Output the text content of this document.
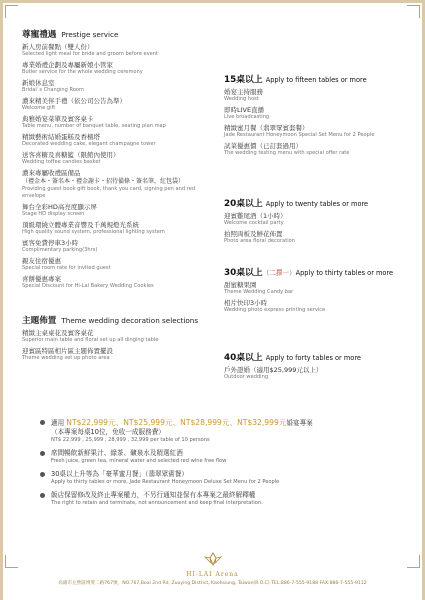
尊寵禮遇 Prestige service
新人房前餐點（雙人份）
Selected light meal for bride and groom before event
專業婚禮企劃及專屬新娘小管家
Butler service for the whole wedding ceremony
新娘休息室
Bridal`s Changing Room
濃來精美伴手禮（依公司公告為準）
Welcome gift
典雅婚宴菜單及賓客桌卡
Table menu, number of banquet table, seating plan map
精緻藝術結婚蛋糕及香檳塔
Decorated wedding cake, elegant champagne tower
送客喜糖及喜糖籃（限館內使用）
Wedding toffee candies basket
濃來專屬收禮區備品
（禮金本・簽名本・禮金謝卡・招待備條・簽名筆，紅包袋）
Providing guest book gift book, thank you card, signing pen and red envelope
舞台全彩HD高亮度顯示屏
Stage HD display screen
頂級環繞立體專業音響及千萬規燈光系統
High quality sound system, professional lighting system
賓客免費停車3小時
Complimentary parking(3hrs)
親友住宿優惠
Special room rate for invited guest
喜餅優惠專案
Special Discount for Hi-Lai Bakery Wedding Cookies
主題佈置 Theme wedding decoration selections
精緻主桌桌花及賓客桌花
Superior main table and floral set up all dinging table
迎賓區特區相片區主題佈置擺設
Theme wedding set up photo area
15桌以上 Apply to fifteen tables or more
婚宴主持服務
Wedding host
即時LIVE直播
Live broadcasting
精緻蜜月餐（翡翠眾賓套餐）
Jade Restaurant Honeymoon Special Set Menu for 2 People
試菜優惠價（已訂套過用）
The wedding testing menu with special offer rate
20桌以上 Apply to twenty tables or more
迎賓雞尾酒（1小時）
Welcome cocktail party
拍照両板及鮮花佈置
Photo area floral decoration
30桌以上（二擇一）Apply to thirty tables or more
甜蜜糖果園
Theme Wedding Candy bar
相片快印3小時
Wedding photo express printing service
40桌以上 Apply to forty tables or more
戶外證婚（適用$25,999元以上）
Outdoor wedding
適用 NT$22,999元、NT$25,999元、NT$28,999元、NT$32,999元婚宴專案
（本專案每桌10位，免收一成服務費）
NT$ 22,999 , 25,999 , 28,999 , 32,999 per table of 10 persons
席間暢飲新鮮果汁、綠茶、礦泉水及精選紅酒
Fresh juice, green tea, mineral water and selected red wine free flow
30桌以上升等為「豪華蜜月餐」（翡翠眾賓餐）
Apply to thirty tables or more, Jade Restaurant Honeymoon Deluxe Set Menu for 2 People
飯店保留修改及終止專案權力，不另行通知並保有本專案之最終解釋權
The right to retain and terminate, not announcement and keep final interpretation.
HI-LAI Arena
高雄市左營區博愛二路767號，NO.767,Boai 2nd Rd, Zuoying District, Kaohsiung, Taiwan(R.O.C) TEL:886-7-555-9188 FAX:886-7-555-9112
